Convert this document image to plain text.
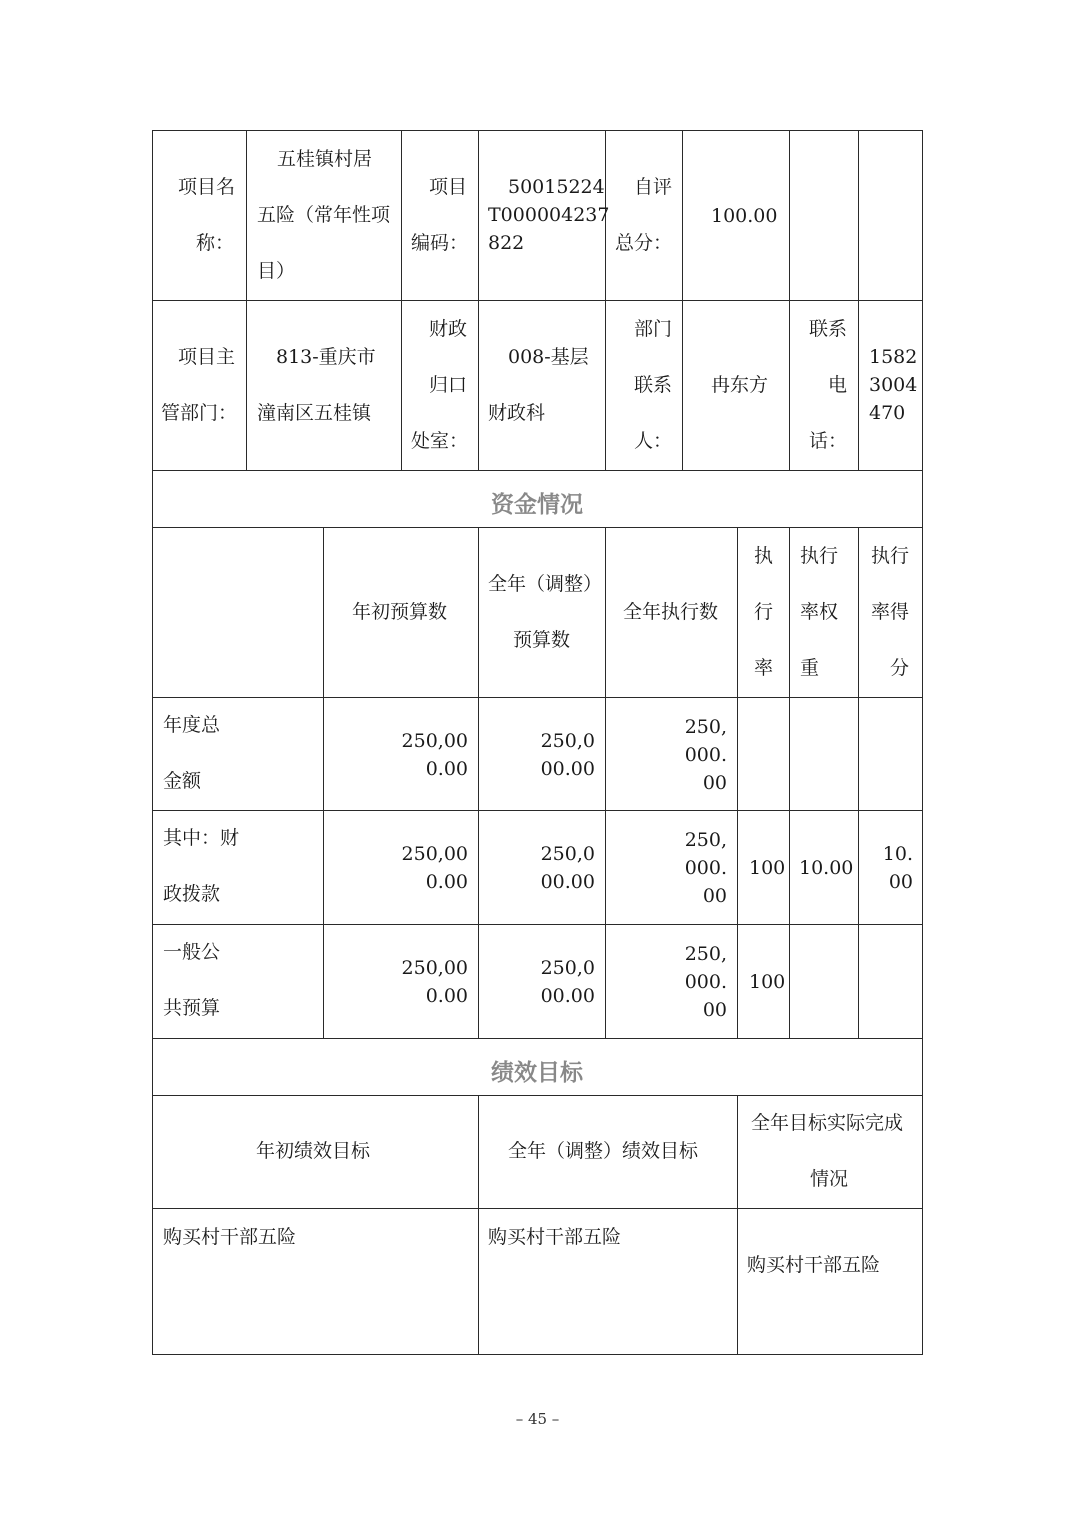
项目名
称：
五桂镇村居
五险（常年性项
目）
项目
编码：
50015224
T000004237
822
自评
总分：
100.00
项目主
管部门：
813-重庆市
潼南区五桂镇
财政
归口
处室：
008-基层
财政科
部门
联系
人：
冉东方
联系
电
话：
1582
3004
470
资金情况
年初预算数
全年（调整）
预算数
全年执行数
执
行
率
执行
率权
重
执行
率得
分
年度总
金额
250,00
0.00
250,0
00.00
250,
000.
00
其中：财
政拨款
250,00
0.00
250,0
00.00
250,
000.
00
100 10.00
10.
00
一般公
共预算
250,00
0.00
250,0
00.00
250,
000.
00
100
绩效目标
年初绩效目标	全年（调整）绩效目标
全年目标实际完成
情况
购买村干部五险	购买村干部五险
购买村干部五险
– 45 –
